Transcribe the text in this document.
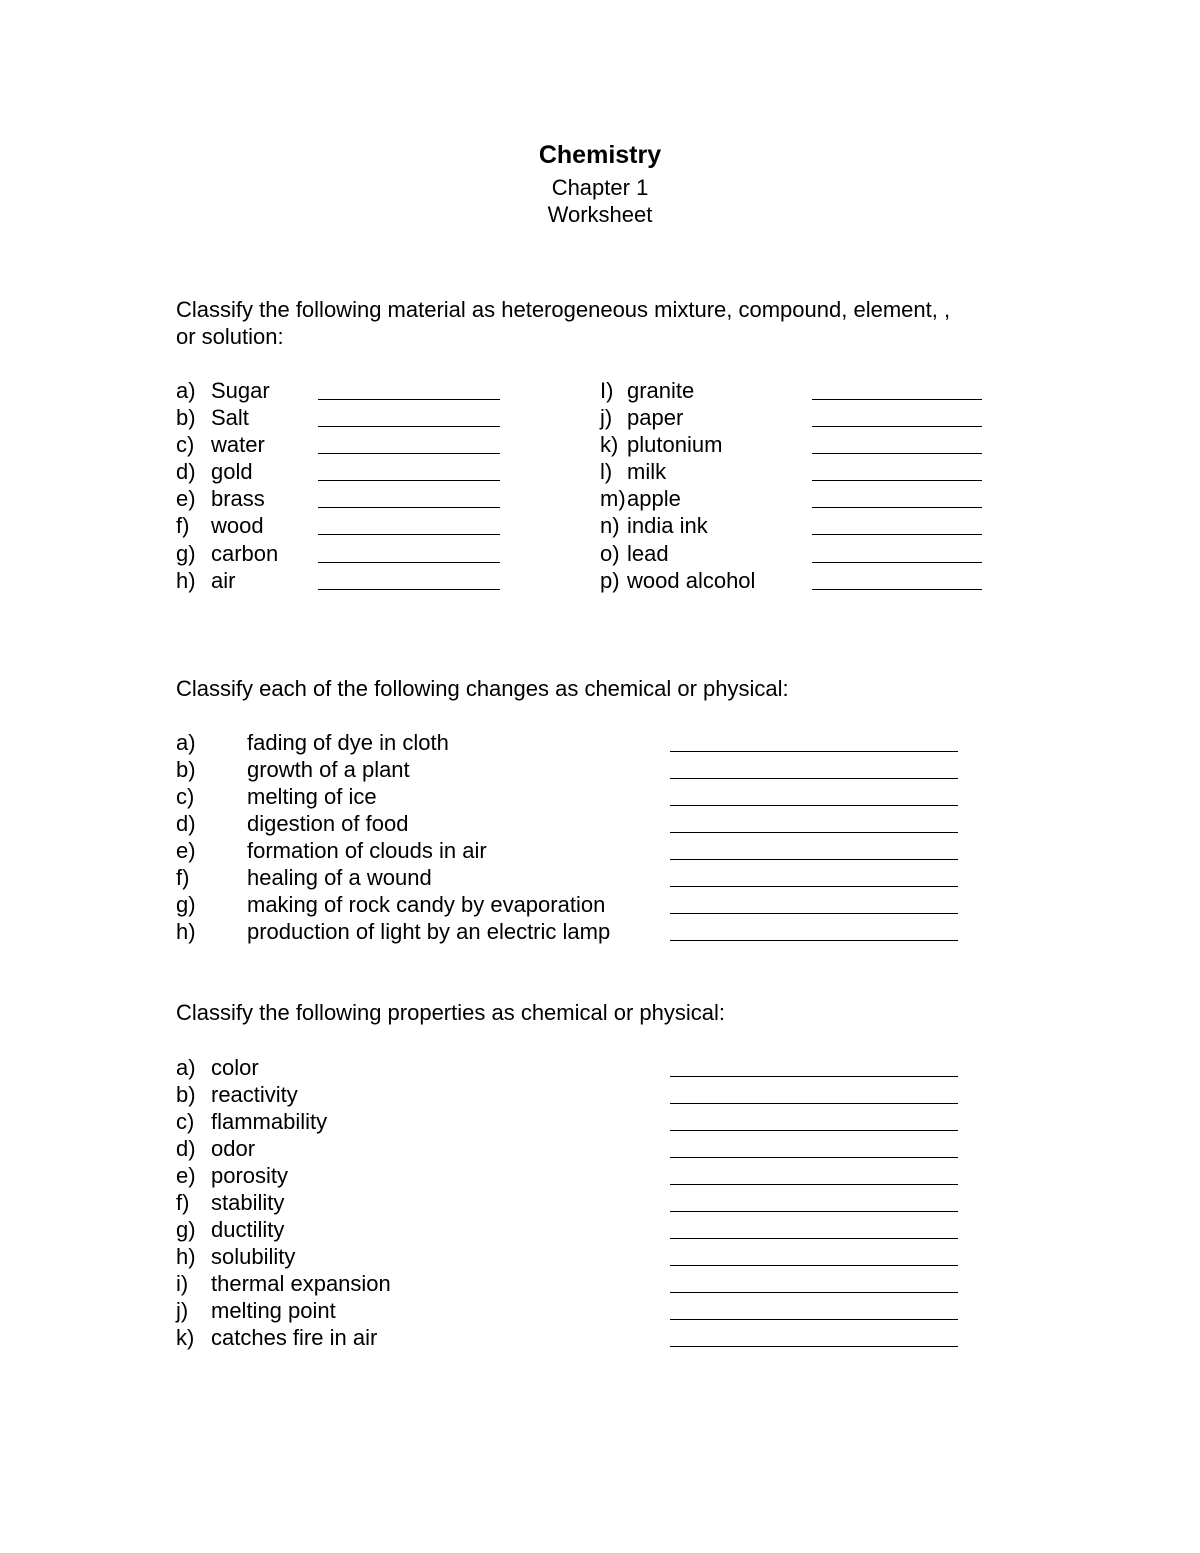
Chemistry
Chapter 1
Worksheet
Classify the following material as heterogeneous mixture, compound, element, ,
or solution:
a) Sugar
b) Salt
c) water
d) gold
e) brass
f) wood
g) carbon
h) air
I) granite
j) paper
k) plutonium
l) milk
m) apple
n) india ink
o) lead
p) wood alcohol
Classify each of the following changes as chemical or physical:
a) fading of dye in cloth
b) growth of a plant
c) melting of ice
d) digestion of food
e) formation of clouds in air
f)	healing of a wound
g) making of rock candy by evaporation
h) production of light by an electric lamp
Classify the following properties as chemical or physical:
a) color
b) reactivity
c) flammability
d) odor
e) porosity
f) stability
g) ductility
h) solubility
i) thermal expansion
j) melting point
k) catches fire in air
